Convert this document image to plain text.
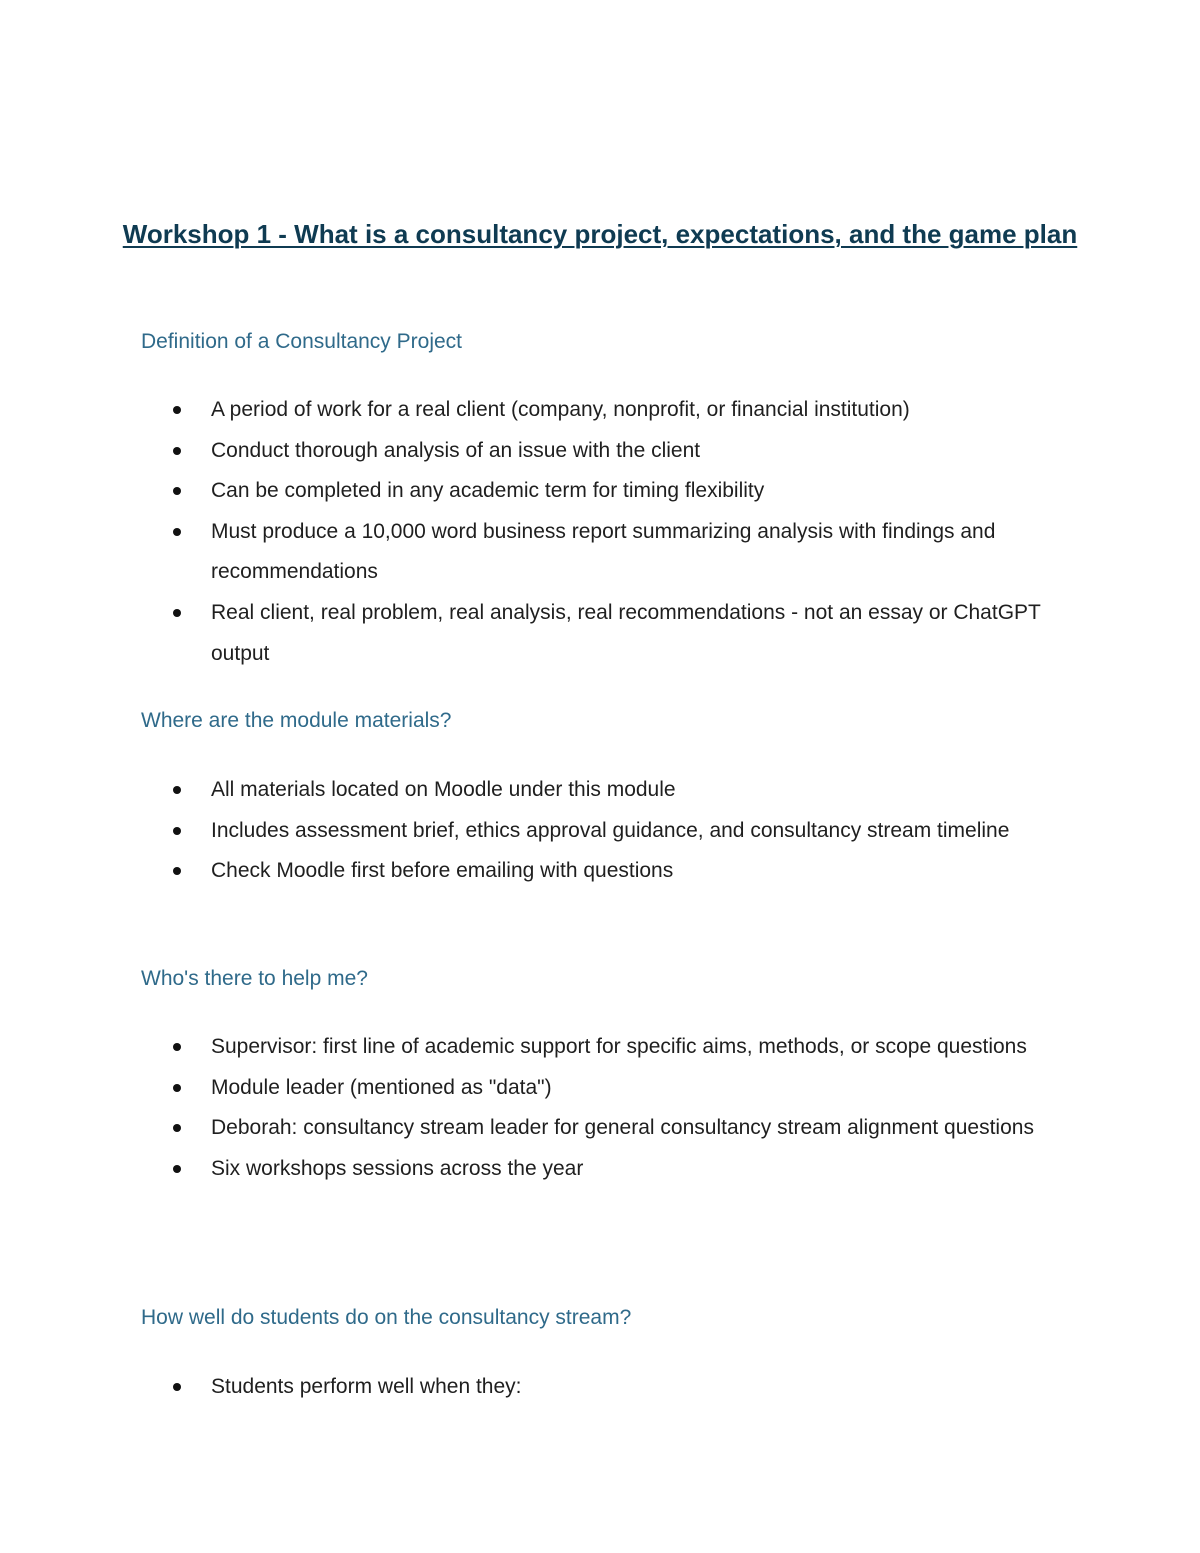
Workshop 1 - What is a consultancy project, expectations, and the game plan
Definition of a Consultancy Project
A period of work for a real client (company, nonprofit, or financial institution)
Conduct thorough analysis of an issue with the client
Can be completed in any academic term for timing flexibility
Must produce a 10,000 word business report summarizing analysis with findings and recommendations
Real client, real problem, real analysis, real recommendations - not an essay or ChatGPT output
Where are the module materials?
All materials located on Moodle under this module
Includes assessment brief, ethics approval guidance, and consultancy stream timeline
Check Moodle first before emailing with questions
Who's there to help me?
Supervisor: first line of academic support for specific aims, methods, or scope questions
Module leader (mentioned as "data")
Deborah: consultancy stream leader for general consultancy stream alignment questions
Six workshops sessions across the year
How well do students do on the consultancy stream?
Students perform well when they:
